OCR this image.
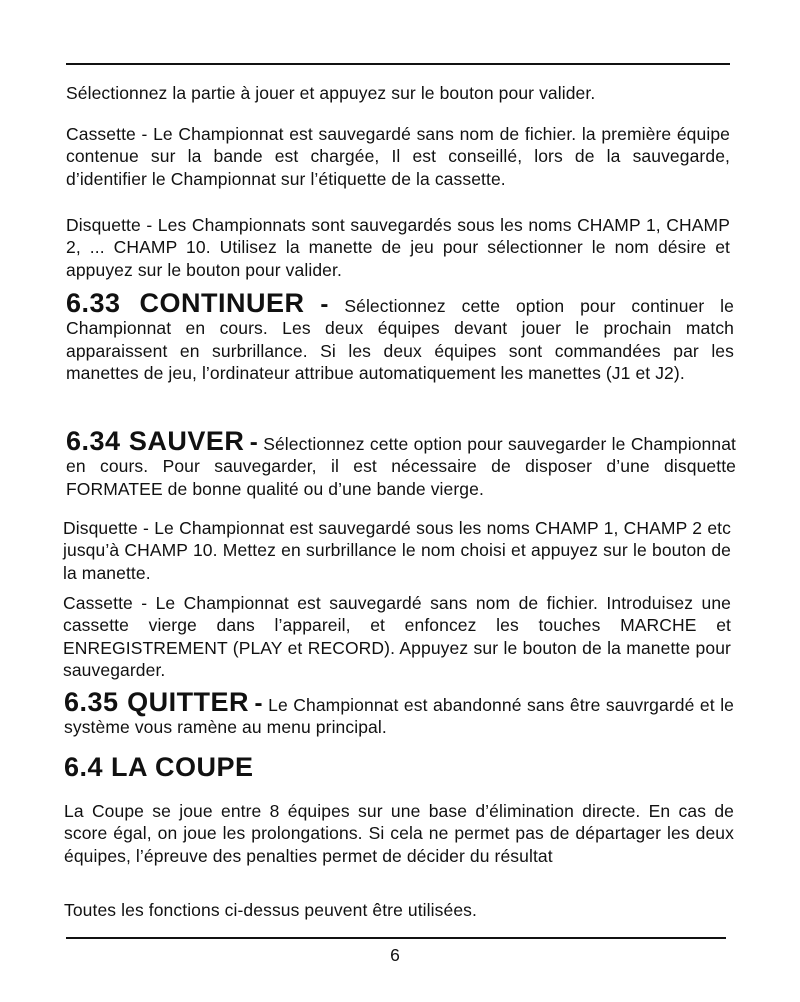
Sélectionnez la partie à jouer et appuyez sur le bouton pour valider.

Cassette - Le Championnat est sauvegardé sans nom de fichier. la première équipe contenue sur la bande est chargée, Il est conseillé, lors de la sauvegarde, d’identifier le Championnat sur l’étiquette de la cassette.

Disquette - Les Championnats sont sauvegardés sous les noms CHAMP 1, CHAMP 2, ... CHAMP 10. Utilisez la manette de jeu pour sélectionner le nom désire et appuyez sur le bouton pour valider.

6.33 CONTINUER - Sélectionnez cette option pour continuer le Championnat en cours. Les deux équipes devant jouer le prochain match apparaissent en surbrillance. Si les deux équipes sont commandées par les manettes de jeu, l’ordinateur attribue automatiquement les manettes (J1 et J2).

6.34 SAUVER - Sélectionnez cette option pour sauvegarder le Championnat en cours. Pour sauvegarder, il est nécessaire de disposer d’une disquette FORMATEE de bonne qualité ou d’une bande vierge.

Disquette - Le Championnat est sauvegardé sous les noms CHAMP 1, CHAMP 2 etc jusqu’à CHAMP 10. Mettez en surbrillance le nom choisi et appuyez sur le bouton de la manette.

Cassette - Le Championnat est sauvegardé sans nom de fichier. Introduisez une cassette vierge dans l’appareil, et enfoncez les touches MARCHE et ENREGISTREMENT (PLAY et RECORD). Appuyez sur le bouton de la manette pour sauvegarder.

6.35 QUITTER - Le Championnat est abandonné sans être sauvrgardé et le système vous ramène au menu principal.

6.4 LA COUPE

La Coupe se joue entre 8 équipes sur une base d’élimination directe. En cas de score égal, on joue les prolongations. Si cela ne permet pas de départager les deux équipes, l’épreuve des penalties permet de décider du résultat

Toutes les fonctions ci-dessus peuvent être utilisées.

6
